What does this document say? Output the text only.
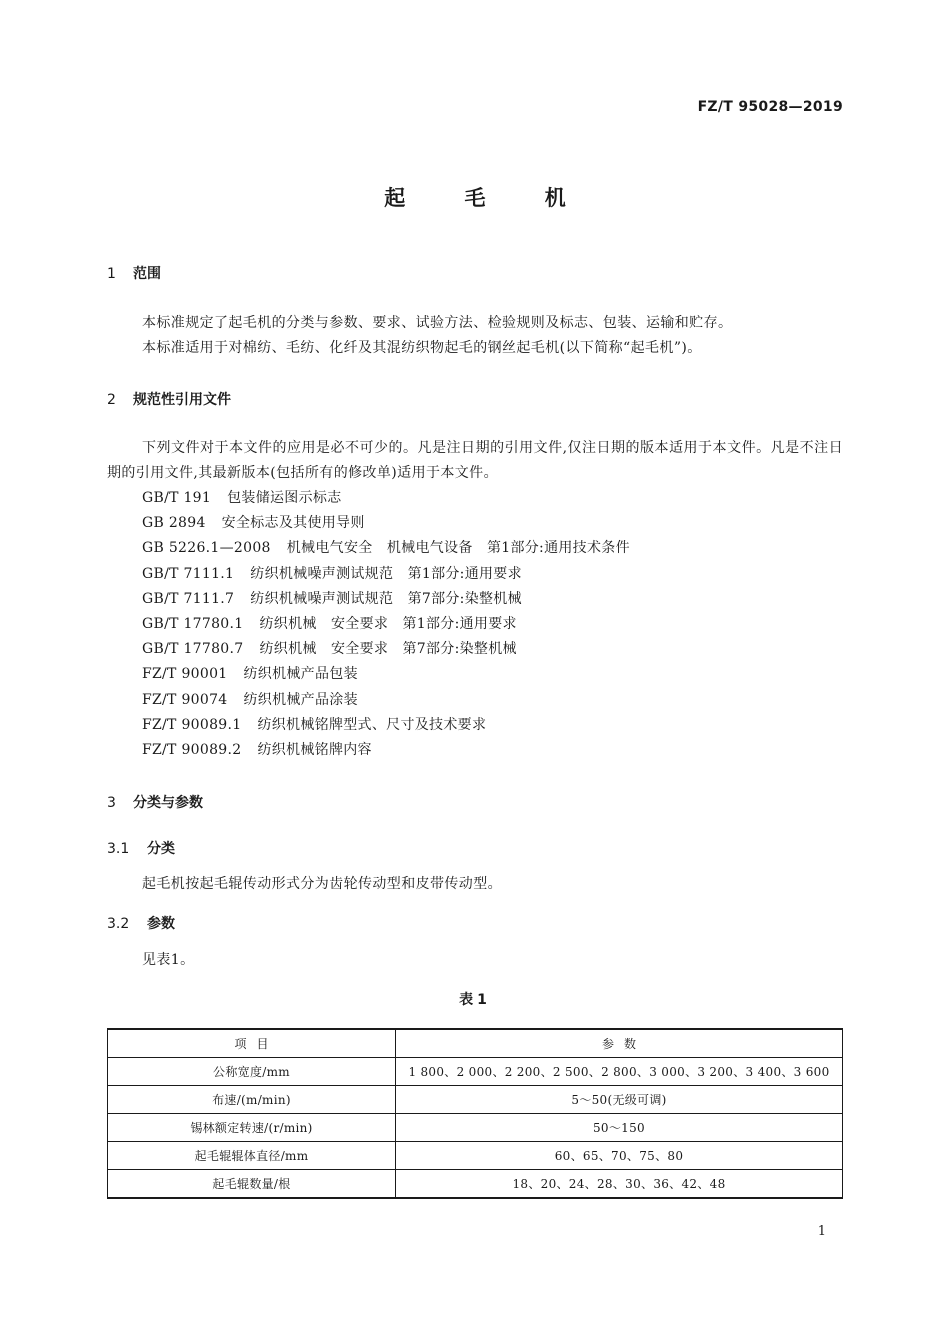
FZ/T 95028—2019
起 毛 机
1 范围
本标准规定了起毛机的分类与参数、要求、试验方法、检验规则及标志、包装、运输和贮存。
本标准适用于对棉纺、毛纺、化纤及其混纺织物起毛的钢丝起毛机(以下简称“起毛机”)。
2 规范性引用文件
下列文件对于本文件的应用是必不可少的。凡是注日期的引用文件,仅注日期的版本适用于本文件。凡是不注日期的引用文件,其最新版本(包括所有的修改单)适用于本文件。
GB/T 191 包装储运图示标志
GB 2894 安全标志及其使用导则
GB 5226.1—2008 机械电气安全　机械电气设备　第1部分:通用技术条件
GB/T 7111.1 纺织机械噪声测试规范　第1部分:通用要求
GB/T 7111.7 纺织机械噪声测试规范　第7部分:染整机械
GB/T 17780.1 纺织机械　安全要求　第1部分:通用要求
GB/T 17780.7 纺织机械　安全要求　第7部分:染整机械
FZ/T 90001 纺织机械产品包装
FZ/T 90074 纺织机械产品涂装
FZ/T 90089.1 纺织机械铭牌型式、尺寸及技术要求
FZ/T 90089.2 纺织机械铭牌内容
3 分类与参数
3.1 分类
起毛机按起毛辊传动形式分为齿轮传动型和皮带传动型。
3.2 参数
见表1。
表1
项目	参数
公称宽度/mm	1 800、2 000、2 200、2 500、2 800、3 000、3 200、3 400、3 600
布速/(m/min)	5～50(无级可调)
锡林额定转速/(r/min)	50～150
起毛辊辊体直径/mm	60、65、70、75、80
起毛辊数量/根	18、20、24、28、30、36、42、48
1
